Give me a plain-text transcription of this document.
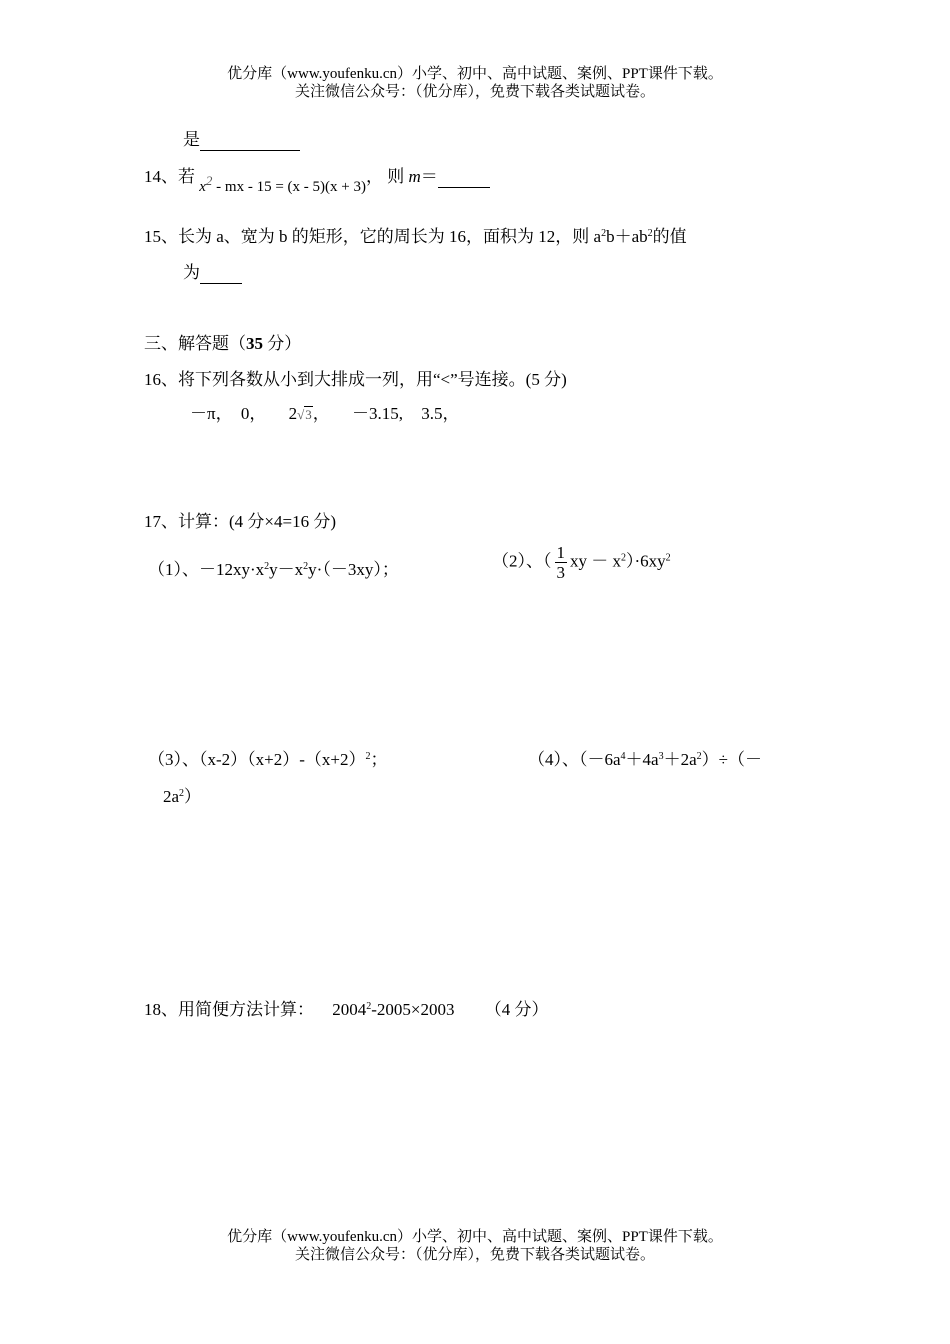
优分库（www.youfenku.cn）小学、初中、高中试题、案例、PPT课件下载。
关注微信公众号：（优分库），免费下载各类试题试卷。
是
14、若 $x^2$ - mx - 15 = (x - 5)(x + 3)， 则 m＝
15、长为 a、宽为 b 的矩形，它的周长为 16，面积为 12，则 $a^2b+ab^2$的值
为
三、解答题（35 分）
16、将下列各数从小到大排成一列，用“<”号连接。(5 分)
－π， 0， 2√3， －3.15, 3.5，
17、计算：(4 分×4=16 分)
（1）、$-12xy\cdot x^2y-x^2y\cdot(-3xy)$；	（2）、（ $\frac{1}{3}$ xy － $x^2)\cdot 6xy^2$
（3）、$(x-2)(x+2)-(x+2)^2$；	（4）、$(-6a^4+4a^3+2a^2)\div(-$
$2a^2$）
18、用简便方法计算： $2004^2-2005\times 2003$ （4 分）
优分库（www.youfenku.cn）小学、初中、高中试题、案例、PPT课件下载。
关注微信公众号：（优分库），免费下载各类试题试卷。
